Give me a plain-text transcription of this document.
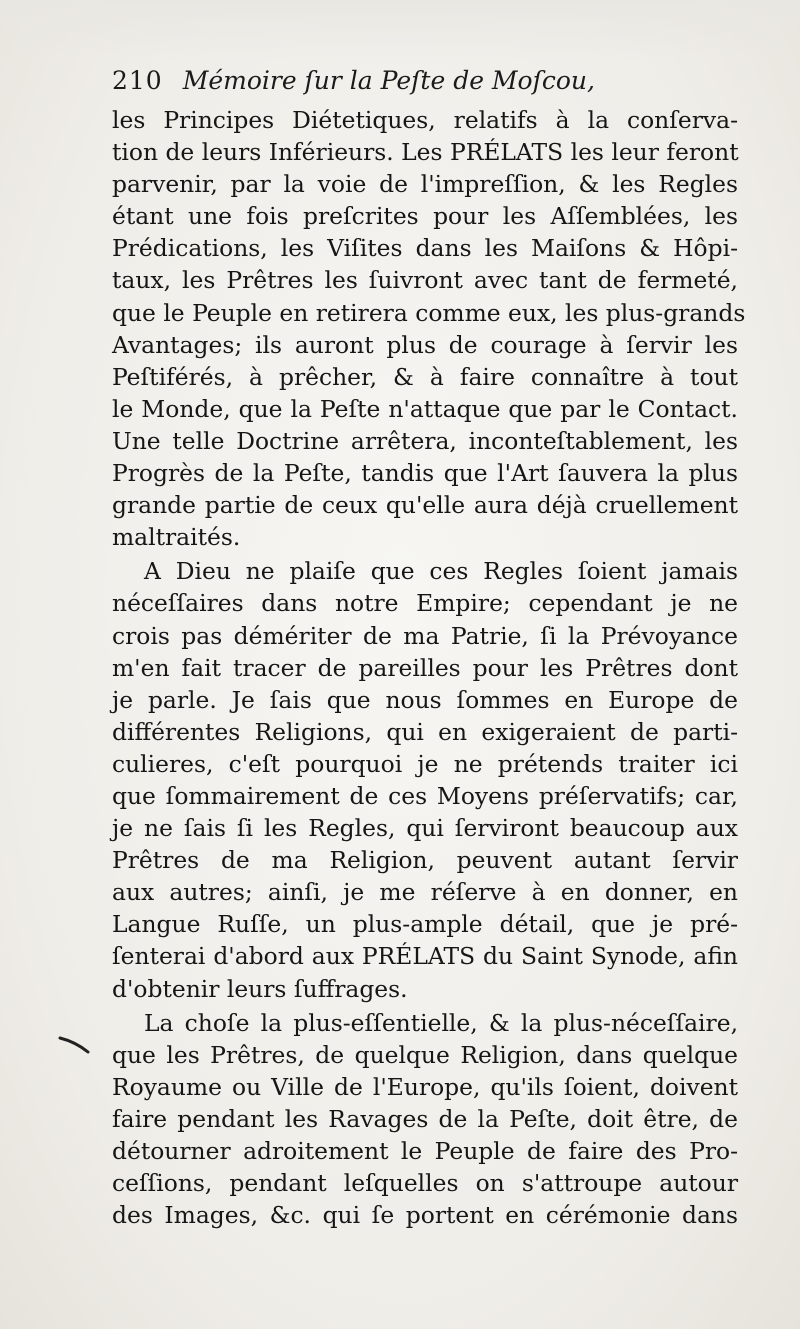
210 Mémoire ſur la Peſte de Moſcou,
les Principes Diétetiques, relatifs à la conſerva-
tion de leurs Inférieurs. Les PRÉLATS les leur feront
parvenir, par la voie de l'impreſſion, & les Regles
étant une fois preſcrites pour les Aſſemblées, les
Prédications, les Viſites dans les Maiſons & Hôpi-
taux, les Prêtres les ſuivront avec tant de fermeté,
que le Peuple en retirera comme eux, les plus-grands
Avantages; ils auront plus de courage à ſervir les
Peſtiférés, à prêcher, & à faire connaître à tout
le Monde, que la Peſte n'attaque que par le Contact.
Une telle Doctrine arrêtera, inconteſtablement, les
Progrès de la Peſte, tandis que l'Art ſauvera la plus
grande partie de ceux qu'elle aura déjà cruellement
maltraités.
A Dieu ne plaiſe que ces Regles ſoient jamais
néceſſaires dans notre Empire; cependant je ne
crois pas démériter de ma Patrie, ſi la Prévoyance
m'en fait tracer de pareilles pour les Prêtres dont
je parle. Je ſais que nous ſommes en Europe de
différentes Religions, qui en exigeraient de parti-
culieres, c'eſt pourquoi je ne prétends traiter ici
que ſommairement de ces Moyens préſervatifs; car,
je ne ſais ſi les Regles, qui ſerviront beaucoup aux
Prêtres de ma Religion, peuvent autant ſervir
aux autres; ainſi, je me réſerve à en donner, en
Langue Ruſſe, un plus-ample détail, que je pré-
ſenterai d'abord aux PRÉLATS du Saint Synode, afin
d'obtenir leurs ſuffrages.
La choſe la plus-eſſentielle, & la plus-néceſſaire,
que les Prêtres, de quelque Religion, dans quelque
Royaume ou Ville de l'Europe, qu'ils ſoient, doivent
faire pendant les Ravages de la Peſte, doit être, de
détourner adroitement le Peuple de faire des Pro-
ceſſions, pendant leſquelles on s'attroupe autour
des Images, &c. qui ſe portent en cérémonie dans
